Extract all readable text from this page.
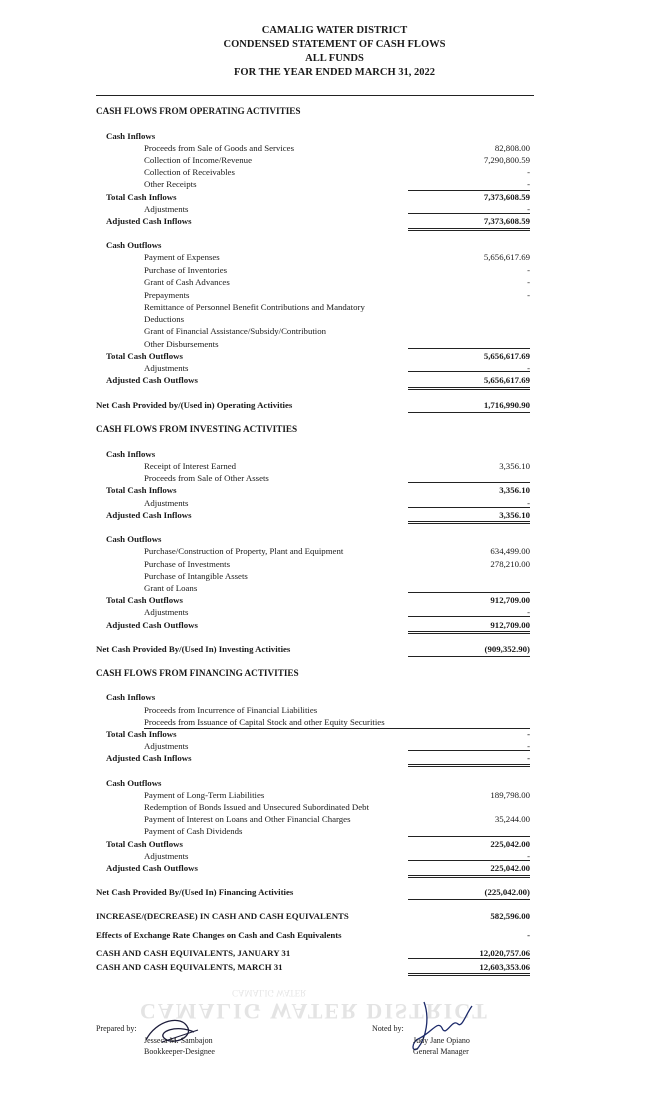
CAMALIG WATER DISTRICT
CONDENSED STATEMENT OF CASH FLOWS
ALL FUNDS
FOR THE YEAR ENDED MARCH 31, 2022
CASH FLOWS FROM OPERATING ACTIVITIES
Cash Inflows
Proceeds from Sale of Goods and Services	82,808.00
Collection of Income/Revenue	7,290,800.59
Collection of Receivables	-
Other Receipts	-
Total Cash Inflows	7,373,608.59
Adjustments	-
Adjusted Cash Inflows	7,373,608.59
Cash Outflows
Payment of Expenses	5,656,617.69
Purchase of Inventories	-
Grant of Cash Advances	-
Prepayments	-
Remittance of Personnel Benefit Contributions and Mandatory
Deductions
Grant of Financial Assistance/Subsidy/Contribution
Other Disbursements
Total Cash Outflows	5,656,617.69
Adjustments	-
Adjusted Cash Outflows	5,656,617.69
Net Cash Provided by/(Used in) Operating Activities	1,716,990.90
CASH FLOWS FROM INVESTING ACTIVITIES
Cash Inflows
Receipt of Interest Earned	3,356.10
Proceeds from Sale of Other Assets
Total Cash Inflows	3,356.10
Adjustments	-
Adjusted Cash Inflows	3,356.10
Cash Outflows
Purchase/Construction of Property, Plant and Equipment	634,499.00
Purchase of Investments	278,210.00
Purchase of Intangible Assets
Grant of Loans
Total Cash Outflows	912,709.00
Adjustments	-
Adjusted Cash Outflows	912,709.00
Net Cash Provided By/(Used In) Investing Activities	(909,352.90)
CASH FLOWS FROM FINANCING ACTIVITIES
Cash Inflows
Proceeds from Incurrence of Financial Liabilities
Proceeds from Issuance of Capital Stock and other Equity Securities
Total Cash Inflows	-
Adjustments	-
Adjusted Cash Inflows	-
Cash Outflows
Payment of Long-Term Liabilities	189,798.00
Redemption of Bonds Issued and Unsecured Subordinated Debt
Payment of Interest on Loans and Other Financial Charges	35,244.00
Payment of Cash Dividends
Total Cash Outflows	225,042.00
Adjustments	-
Adjusted Cash Outflows	225,042.00
Net Cash Provided By/(Used In) Financing Activities	(225,042.00)
INCREASE/(DECREASE) IN CASH AND CASH EQUIVALENTS	582,596.00
Effects of Exchange Rate Changes on Cash and Cash Equivalents	-
CASH AND CASH EQUIVALENTS, JANUARY 31	12,020,757.06
CASH AND CASH EQUIVALENTS, MARCH 31	12,603,353.06
CAMALIG WATER
CAMALIG WATER DISTRICT
Prepared by:
Jesseca M. Sambajon
Bookkeeper-Designee
Noted by:
Judy Jane Opiano
General Manager
